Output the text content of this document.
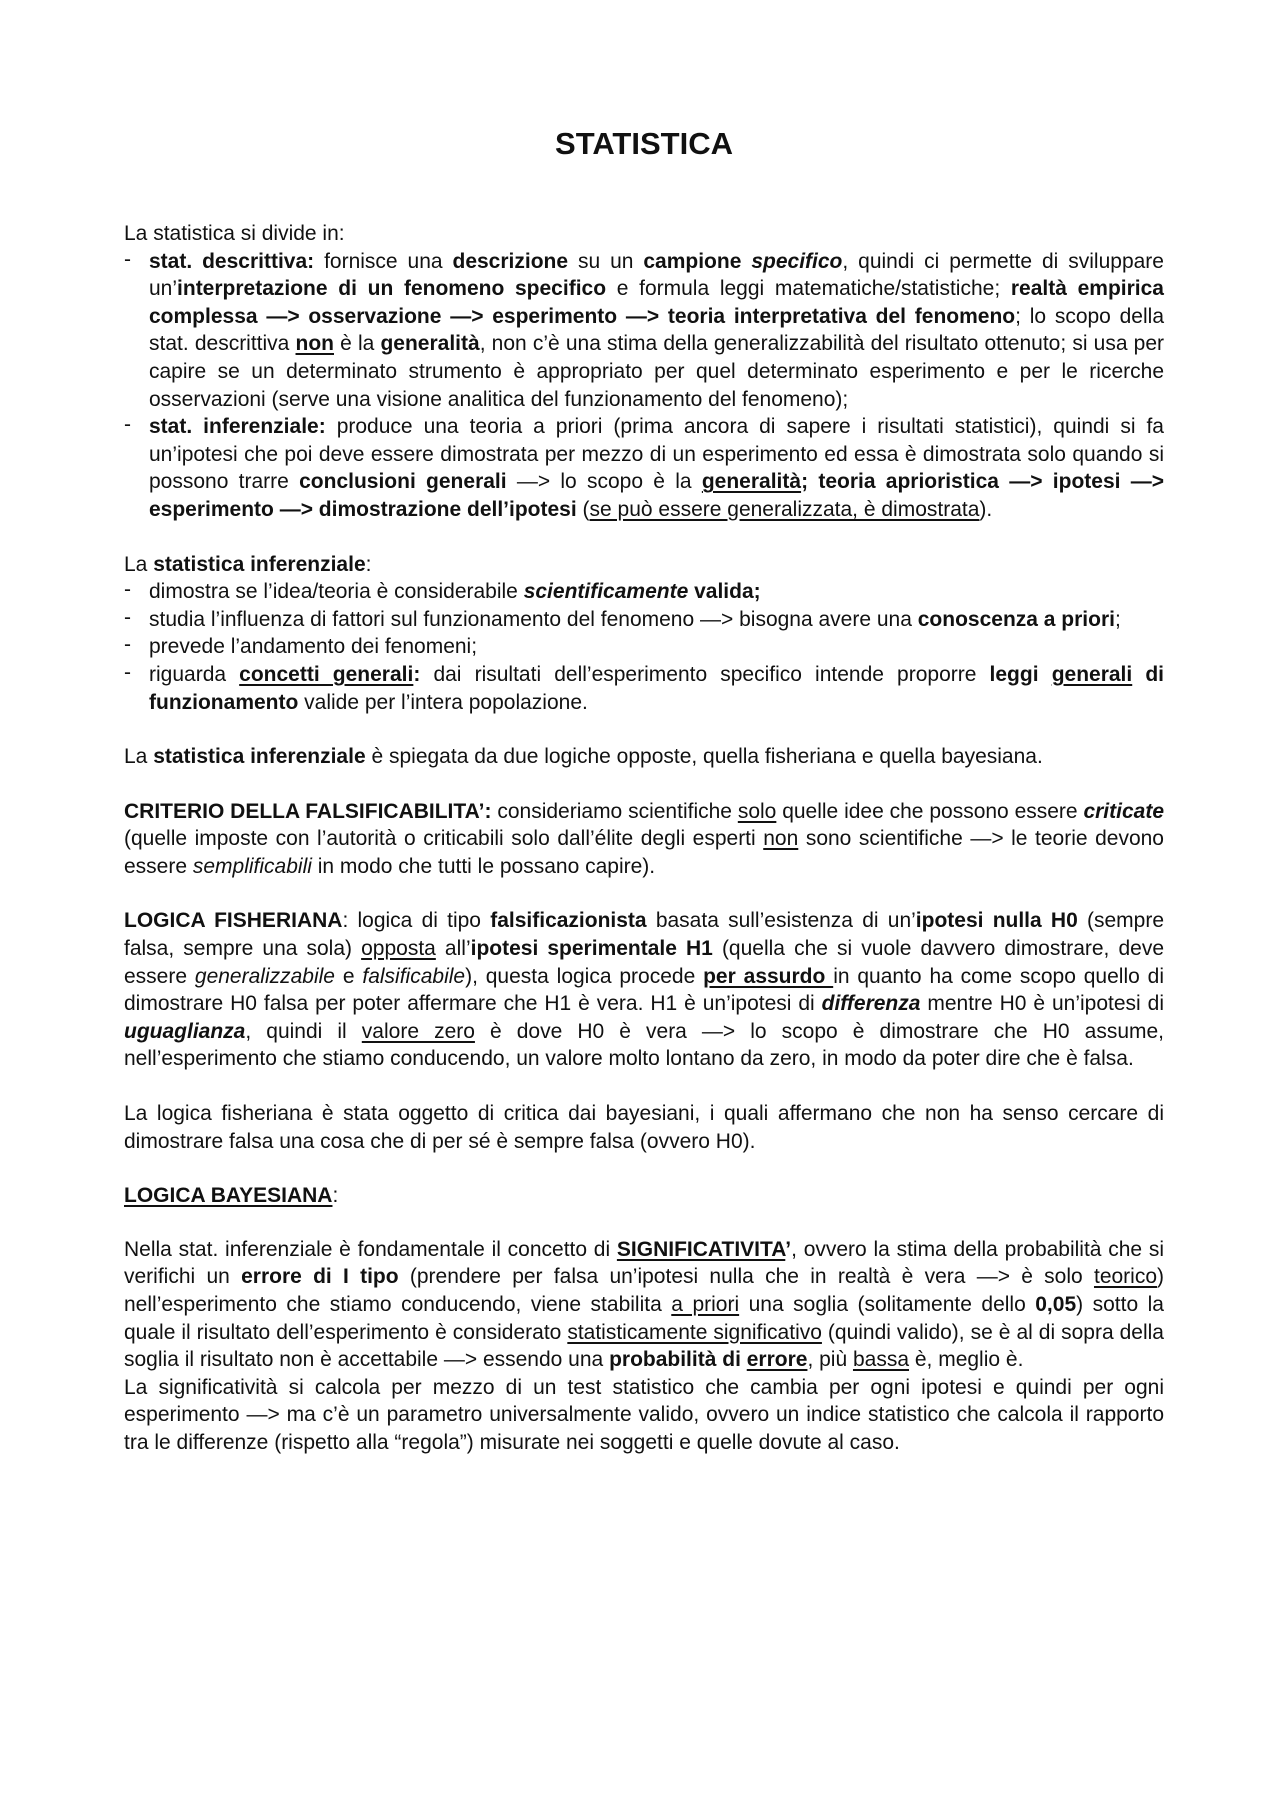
STATISTICA

La statistica si divide in:

- stat. descrittiva: fornisce una descrizione su un campione specifico, quindi ci permette di sviluppare un’interpretazione di un fenomeno specifico e formula leggi matematiche/statistiche; realtà empirica complessa —> osservazione —> esperimento —> teoria interpretativa del fenomeno; lo scopo della stat. descrittiva non è la generalità, non c’è una stima della generalizzabilità del risultato ottenuto; si usa per capire se un determinato strumento è appropriato per quel determinato esperimento e per le ricerche osservazioni (serve una visione analitica del funzionamento del fenomeno);
- stat. inferenziale: produce una teoria a priori (prima ancora di sapere i risultati statistici), quindi si fa un’ipotesi che poi deve essere dimostrata per mezzo di un esperimento ed essa è dimostrata solo quando si possono trarre conclusioni generali —> lo scopo è la generalità; teoria aprioristica —> ipotesi —> esperimento —> dimostrazione dell’ipotesi (se può essere generalizzata, è dimostrata).

La statistica inferenziale:

- dimostra se l’idea/teoria è considerabile scientificamente valida;
- studia l’influenza di fattori sul funzionamento del fenomeno —> bisogna avere una conoscenza a priori;
- prevede l’andamento dei fenomeni;
- riguarda concetti generali: dai risultati dell’esperimento specifico intende proporre leggi generali di funzionamento valide per l’intera popolazione.

La statistica inferenziale è spiegata da due logiche opposte, quella fisheriana e quella bayesiana.

CRITERIO DELLA FALSIFICABILITA’: consideriamo scientifiche solo quelle idee che possono essere criticate (quelle imposte con l’autorità o criticabili solo dall’élite degli esperti non sono scientifiche —> le teorie devono essere semplificabili in modo che tutti le possano capire).

LOGICA FISHERIANA: logica di tipo falsificazionista basata sull’esistenza di un’ipotesi nulla H0 (sempre falsa, sempre una sola) opposta all’ipotesi sperimentale H1 (quella che si vuole davvero dimostrare, deve essere generalizzabile e falsificabile), questa logica procede per assurdo in quanto ha come scopo quello di dimostrare H0 falsa per poter affermare che H1 è vera. H1 è un’ipotesi di differenza mentre H0 è un’ipotesi di uguaglianza, quindi il valore zero è dove H0 è vera —> lo scopo è dimostrare che H0 assume, nell’esperimento che stiamo conducendo, un valore molto lontano da zero, in modo da poter dire che è falsa.

La logica fisheriana è stata oggetto di critica dai bayesiani, i quali affermano che non ha senso cercare di dimostrare falsa una cosa che di per sé è sempre falsa (ovvero H0).

LOGICA BAYESIANA:

Nella stat. inferenziale è fondamentale il concetto di SIGNIFICATIVITA’, ovvero la stima della probabilità che si verifichi un errore di I tipo (prendere per falsa un’ipotesi nulla che in realtà è vera —> è solo teorico) nell’esperimento che stiamo conducendo, viene stabilita a priori una soglia (solitamente dello 0,05) sotto la quale il risultato dell’esperimento è considerato statisticamente significativo (quindi valido), se è al di sopra della soglia il risultato non è accettabile —> essendo una probabilità di errore, più bassa è, meglio è.

La significatività si calcola per mezzo di un test statistico che cambia per ogni ipotesi e quindi per ogni esperimento —> ma c’è un parametro universalmente valido, ovvero un indice statistico che calcola il rapporto tra le differenze (rispetto alla “regola”) misurate nei soggetti e quelle dovute al caso.
